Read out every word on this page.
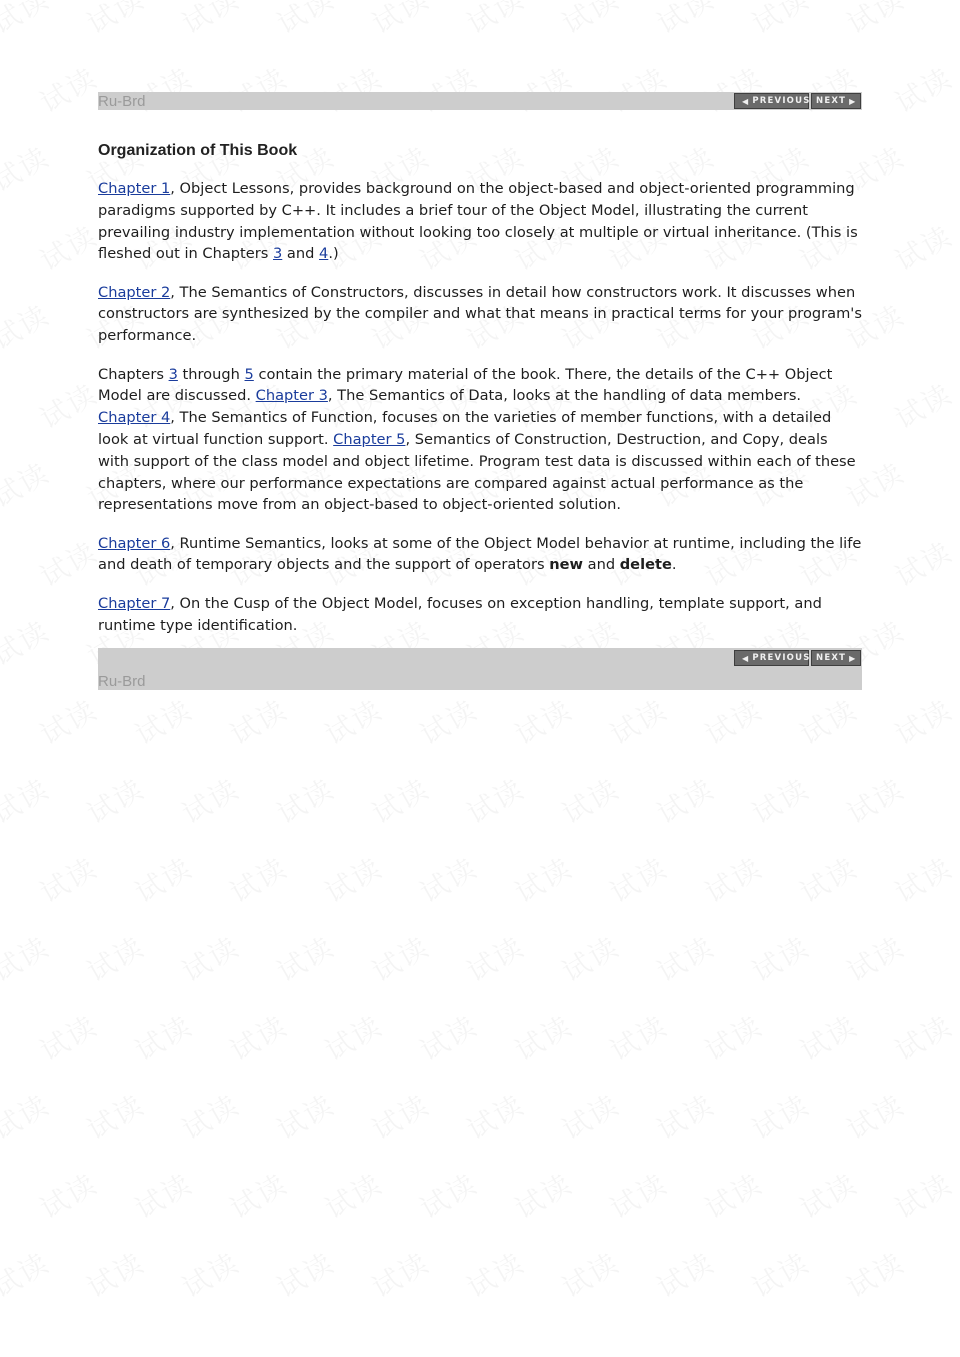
Ru-Brd	◀ PREVIOUS NEXT ▶
Organization of This Book

Chapter 1, Object Lessons, provides background on the object-based and object-oriented programming paradigms supported by C++. It includes a brief tour of the Object Model, illustrating the current prevailing industry implementation without looking too closely at multiple or virtual inheritance. (This is fleshed out in Chapters 3 and 4.)

Chapter 2, The Semantics of Constructors, discusses in detail how constructors work. It discusses when constructors are synthesized by the compiler and what that means in practical terms for your program's performance.

Chapters 3 through 5 contain the primary material of the book. There, the details of the C++ Object Model are discussed. Chapter 3, The Semantics of Data, looks at the handling of data members. Chapter 4, The Semantics of Function, focuses on the varieties of member functions, with a detailed look at virtual function support. Chapter 5, Semantics of Construction, Destruction, and Copy, deals with support of the class model and object lifetime. Program test data is discussed within each of these chapters, where our performance expectations are compared against actual performance as the representations move from an object-based to object-oriented solution.

Chapter 6, Runtime Semantics, looks at some of the Object Model behavior at runtime, including the life and death of temporary objects and the support of operators new and delete.

Chapter 7, On the Cusp of the Object Model, focuses on exception handling, template support, and runtime type identification.

◀ PREVIOUS NEXT ▶
Ru-Brd
